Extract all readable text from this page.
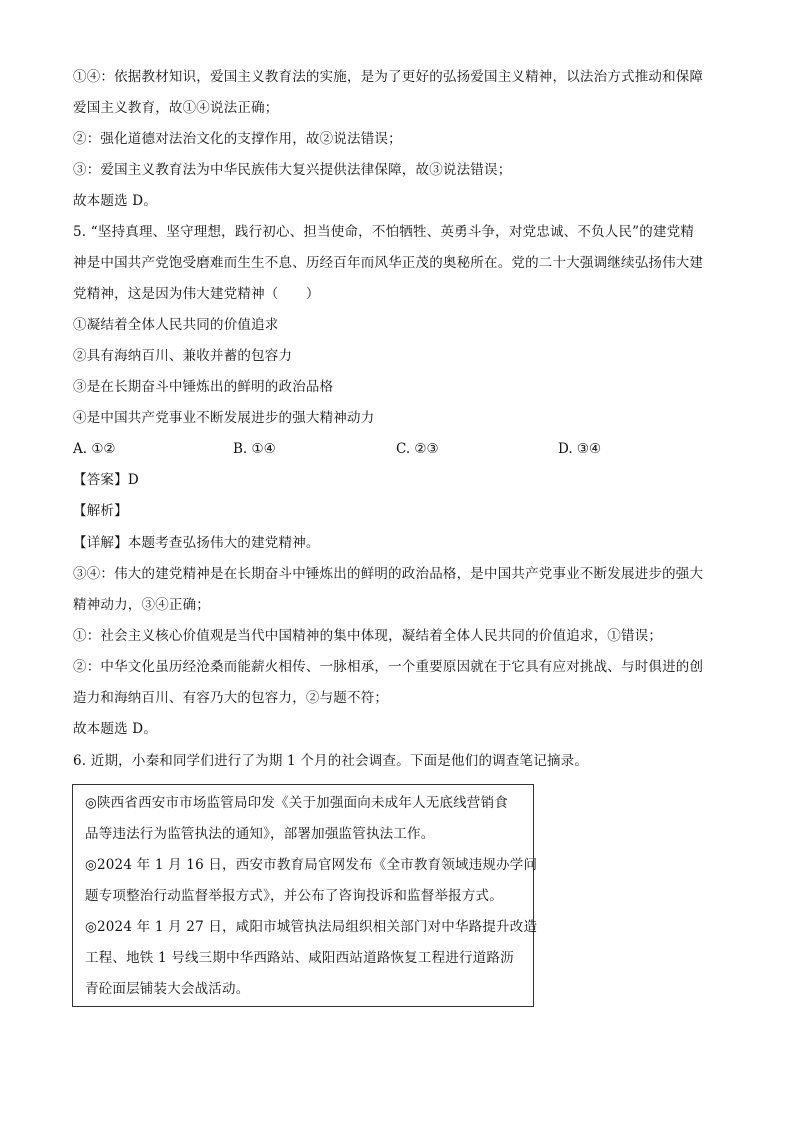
①④：依据教材知识，爱国主义教育法的实施，是为了更好的弘扬爱国主义精神，以法治方式推动和保障
爱国主义教育，故①④说法正确；
②：强化道德对法治文化的支撑作用，故②说法错误；
③：爱国主义教育法为中华民族伟大复兴提供法律保障，故③说法错误；
故本题选 D。
5. “坚持真理、坚守理想，践行初心、担当使命，不怕牺牲、英勇斗争，对党忠诚、不负人民”的建党精
神是中国共产党饱受磨难而生生不息、历经百年而风华正茂的奥秘所在。党的二十大强调继续弘扬伟大建
党精神，这是因为伟大建党精神（　　）
①凝结着全体人民共同的价值追求
②具有海纳百川、兼收并蓄的包容力
③是在长期奋斗中锤炼出的鲜明的政治品格
④是中国共产党事业不断发展进步的强大精神动力
A. ①②	B. ①④	C. ②③	D. ③④
【答案】D
【解析】
【详解】本题考查弘扬伟大的建党精神。
③④：伟大的建党精神是在长期奋斗中锤炼出的鲜明的政治品格，是中国共产党事业不断发展进步的强大
精神动力，③④正确；
①：社会主义核心价值观是当代中国精神的集中体现，凝结着全体人民共同的价值追求，①错误；
②：中华文化虽历经沧桑而能薪火相传、一脉相承，一个重要原因就在于它具有应对挑战、与时俱进的创
造力和海纳百川、有容乃大的包容力，②与题不符；
故本题选 D。
6. 近期，小秦和同学们进行了为期 1 个月的社会调查。下面是他们的调查笔记摘录。
◎陕西省西安市市场监管局印发《关于加强面向未成年人无底线营销食
品等违法行为监管执法的通知》，部署加强监管执法工作。
◎2024 年 1 月 16 日，西安市教育局官网发布《全市教育领域违规办学问
题专项整治行动监督举报方式》，并公布了咨询投诉和监督举报方式。
◎2024 年 1 月 27 日，咸阳市城管执法局组织相关部门对中华路提升改造
工程、地铁 1 号线三期中华西路站、咸阳西站道路恢复工程进行道路沥
青砼面层铺装大会战活动。
